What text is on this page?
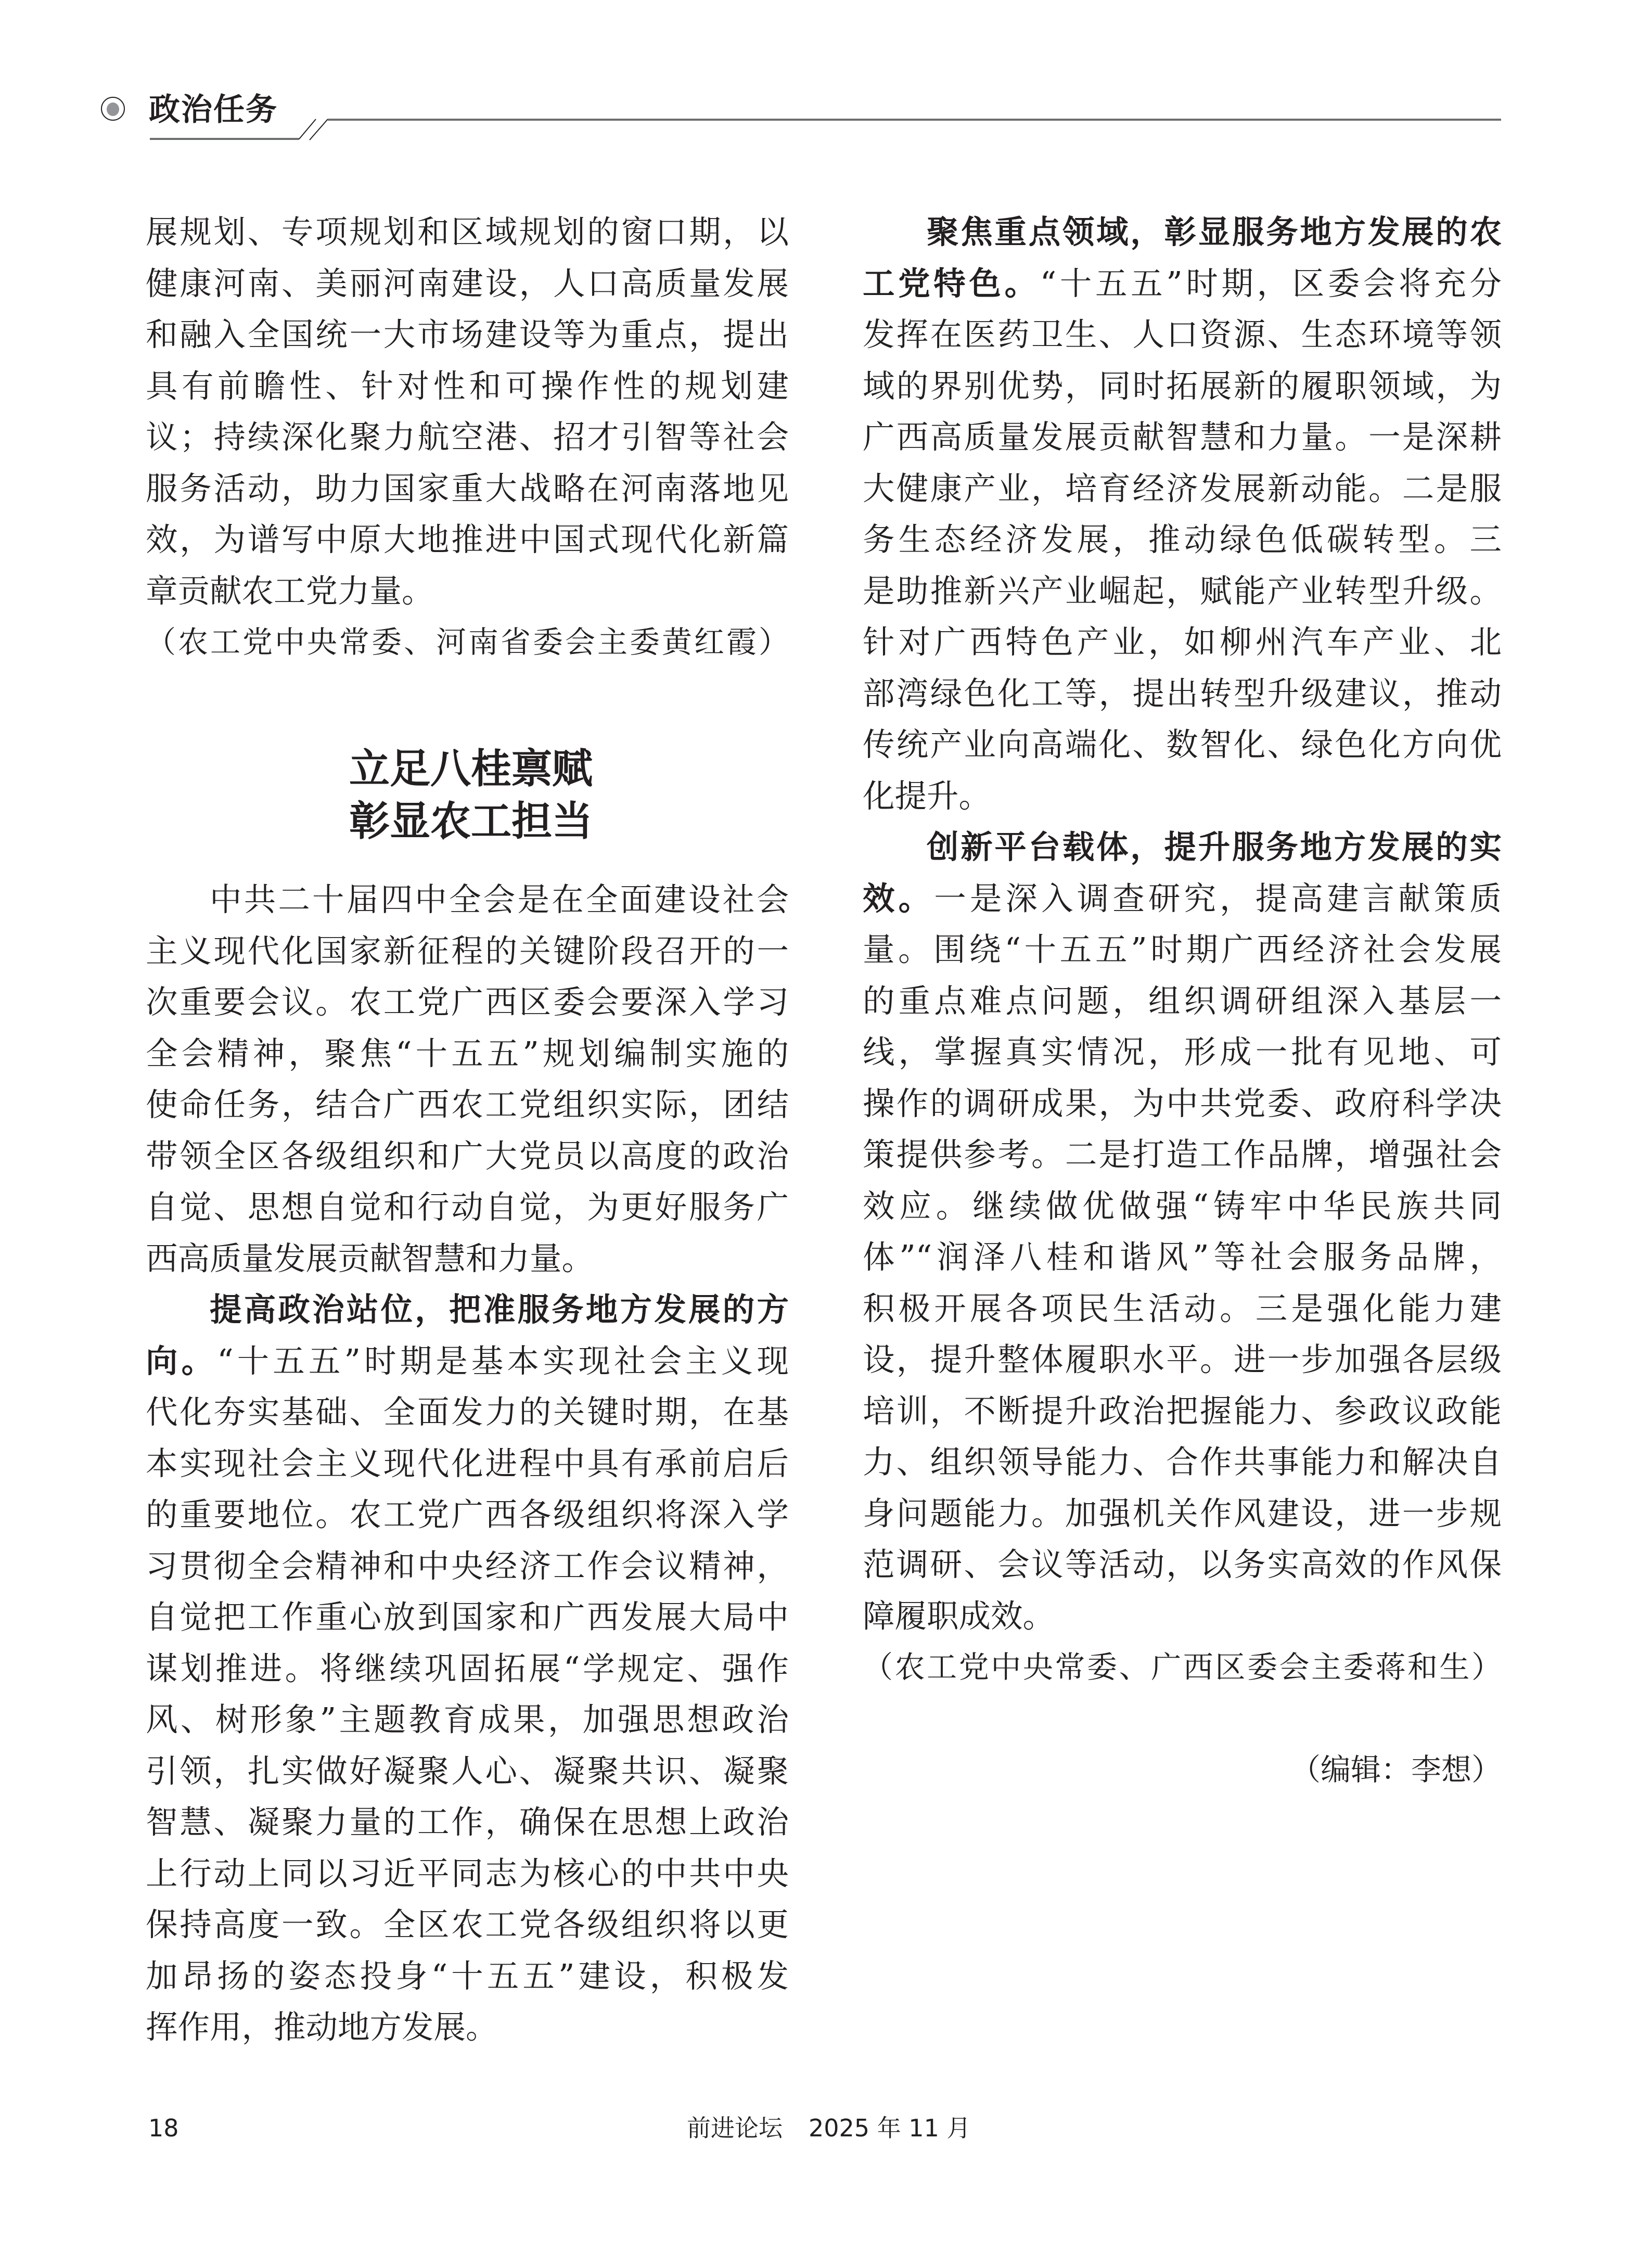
政治任务
展规划、专项规划和区域规划的窗口期，以
健康河南、美丽河南建设，人口高质量发展
和融入全国统一大市场建设等为重点，提出
具有前瞻性、针对性和可操作性的规划建
议；持续深化聚力航空港、招才引智等社会
服务活动，助力国家重大战略在河南落地见
效，为谱写中原大地推进中国式现代化新篇
章贡献农工党力量。
（农工党中央常委、河南省委会主委黄红霞）
立足八桂禀赋
彰显农工担当
中共二十届四中全会是在全面建设社会
主义现代化国家新征程的关键阶段召开的一
次重要会议。农工党广西区委会要深入学习
全会精神，聚焦“十五五”规划编制实施的
使命任务，结合广西农工党组织实际，团结
带领全区各级组织和广大党员以高度的政治
自觉、思想自觉和行动自觉，为更好服务广
西高质量发展贡献智慧和力量。
提高政治站位，把准服务地方发展的方
向。“十五五”时期是基本实现社会主义现
代化夯实基础、全面发力的关键时期，在基
本实现社会主义现代化进程中具有承前启后
的重要地位。农工党广西各级组织将深入学
习贯彻全会精神和中央经济工作会议精神，
自觉把工作重心放到国家和广西发展大局中
谋划推进。将继续巩固拓展“学规定、强作
风、树形象”主题教育成果，加强思想政治
引领，扎实做好凝聚人心、凝聚共识、凝聚
智慧、凝聚力量的工作，确保在思想上政治
上行动上同以习近平同志为核心的中共中央
保持高度一致。全区农工党各级组织将以更
加昂扬的姿态投身“十五五”建设，积极发
挥作用，推动地方发展。
聚焦重点领域，彰显服务地方发展的农
工党特色。“十五五”时期，区委会将充分
发挥在医药卫生、人口资源、生态环境等领
域的界别优势，同时拓展新的履职领域，为
广西高质量发展贡献智慧和力量。一是深耕
大健康产业，培育经济发展新动能。二是服
务生态经济发展，推动绿色低碳转型。三
是助推新兴产业崛起，赋能产业转型升级。
针对广西特色产业，如柳州汽车产业、北
部湾绿色化工等，提出转型升级建议，推动
传统产业向高端化、数智化、绿色化方向优
化提升。
创新平台载体，提升服务地方发展的实
效。一是深入调查研究，提高建言献策质
量。围绕“十五五”时期广西经济社会发展
的重点难点问题，组织调研组深入基层一
线，掌握真实情况，形成一批有见地、可
操作的调研成果，为中共党委、政府科学决
策提供参考。二是打造工作品牌，增强社会
效应。继续做优做强“铸牢中华民族共同
体”“润泽八桂和谐风”等社会服务品牌，
积极开展各项民生活动。三是强化能力建
设，提升整体履职水平。进一步加强各层级
培训，不断提升政治把握能力、参政议政能
力、组织领导能力、合作共事能力和解决自
身问题能力。加强机关作风建设，进一步规
范调研、会议等活动，以务实高效的作风保
障履职成效。
（农工党中央常委、广西区委会主委蒋和生）
（编辑：李想）
18	前进论坛 2025 年 11 月
